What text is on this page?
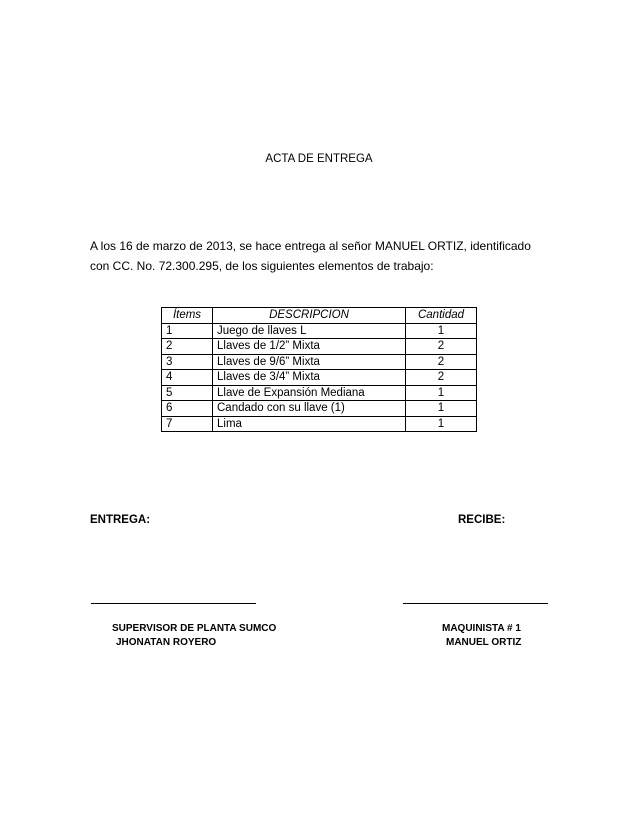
ACTA DE ENTREGA

A los 16 de marzo de 2013, se hace entrega al señor MANUEL ORTIZ, identificado

con CC. No. 72.300.295, de los siguientes elementos de trabajo:

Ítems	DESCRIPCION	Cantidad
1	Juego de llaves L	1
2	Llaves de 1/2” Mixta	2
3	Llaves de 9/6” Mixta	2
4	Llaves de 3/4” Mixta	2
5	Llave de Expansión Mediana	1
6	Candado con su llave (1)	1
7	Lima	1
ENTREGA:	RECIBE:
SUPERVISOR DE PLANTA SUMCO
JHONATAN ROYERO
MAQUINISTA # 1
MANUEL ORTIZ
